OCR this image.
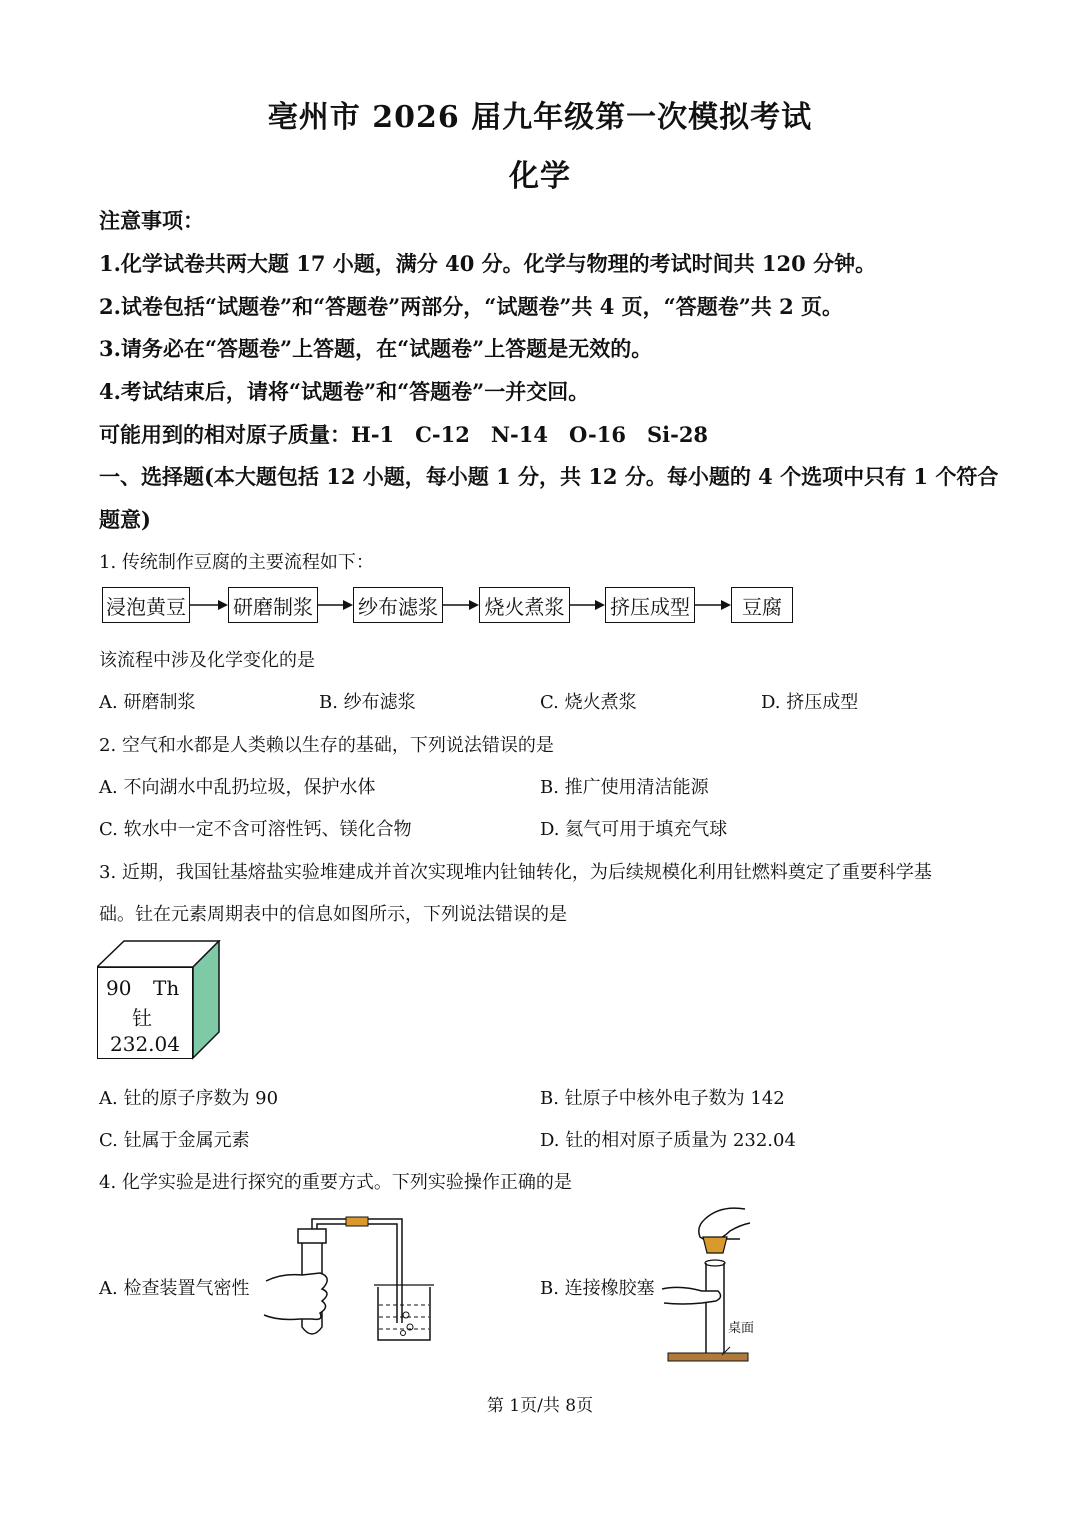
亳州市 2026 届九年级第一次模拟考试
化学
注意事项：
1.化学试卷共两大题 17 小题，满分 40 分。化学与物理的考试时间共 120 分钟。
2.试卷包括“试题卷”和“答题卷”两部分，“试题卷”共 4 页，“答题卷”共 2 页。
3.请务必在“答题卷”上答题，在“试题卷”上答题是无效的。
4.考试结束后，请将“试题卷”和“答题卷”一并交回。
可能用到的相对原子质量：H-1　C-12　N-14　O-16　Si-28
一、选择题(本大题包括 12 小题，每小题 1 分，共 12 分。每小题的 4 个选项中只有 1 个符合
题意)
1. 传统制作豆腐的主要流程如下：
浸泡黄豆 研磨制浆 纱布滤浆 烧火煮浆 挤压成型	豆腐
该流程中涉及化学变化的是
A. 研磨制浆	B. 纱布滤浆	C. 烧火煮浆	D. 挤压成型
2. 空气和水都是人类赖以生存的基础，下列说法错误的是
A. 不向湖水中乱扔垃圾，保护水体	B. 推广使用清洁能源
C. 软水中一定不含可溶性钙、镁化合物	D. 氦气可用于填充气球
3. 近期，我国钍基熔盐实验堆建成并首次实现堆内钍铀转化，为后续规模化利用钍燃料奠定了重要科学基
础。钍在元素周期表中的信息如图所示，下列说法错误的是
90 Th
钍
232.04
A. 钍的原子序数为 90	B. 钍原子中核外电子数为 142
C. 钍属于金属元素	D. 钍的相对原子质量为 232.04
4. 化学实验是进行探究的重要方式。下列实验操作正确的是
A. 检查装置气密性	B. 连接橡胶塞
桌面
第 1页/共 8页
